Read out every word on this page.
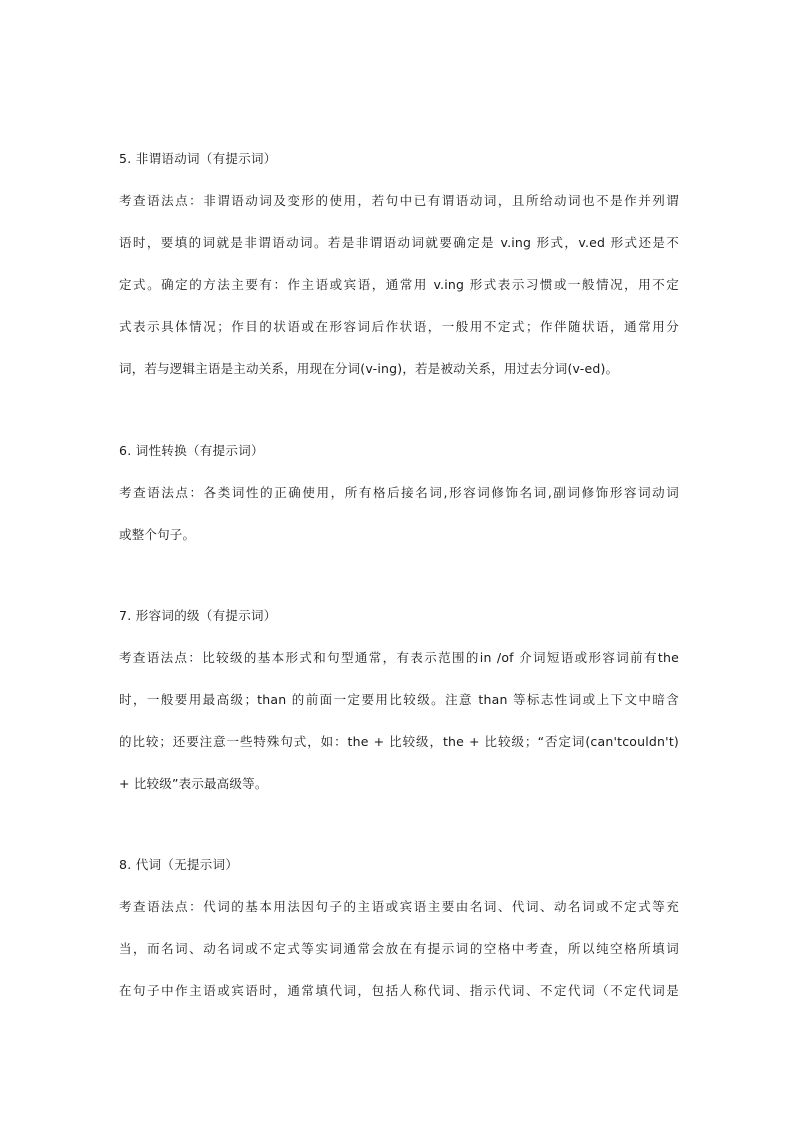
5. 非谓语动词（有提示词）
考查语法点：非谓语动词及变形的使用，若句中已有谓语动词，且所给动词也不是作并列谓
语时，要填的词就是非谓语动词。若是非谓语动词就要确定是 v.ing 形式，v.ed 形式还是不
定式。确定的方法主要有：作主语或宾语，通常用 v.ing 形式表示习惯或一般情况，用不定
式表示具体情况；作目的状语或在形容词后作状语，一般用不定式；作伴随状语，通常用分
词，若与逻辑主语是主动关系，用现在分词(v-ing)，若是被动关系，用过去分词(v-ed)。
6. 词性转换（有提示词）
考查语法点：各类词性的正确使用，所有格后接名词,形容词修饰名词,副词修饰形容词动词
或整个句子。
7. 形容词的级（有提示词）
考查语法点：比较级的基本形式和句型通常，有表示范围的in /of 介词短语或形容词前有the
时，一般要用最高级；than 的前面一定要用比较级。注意 than 等标志性词或上下文中暗含
的比较；还要注意一些特殊句式，如：the + 比较级，the + 比较级；“否定词(can'tcouldn't)
+ 比较级”表示最高级等。
8. 代词（无提示词）
考查语法点：代词的基本用法因句子的主语或宾语主要由名词、代词、动名词或不定式等充
当，而名词、动名词或不定式等实词通常会放在有提示词的空格中考查，所以纯空格所填词
在句子中作主语或宾语时，通常填代词，包括人称代词、指示代词、不定代词（不定代词是
